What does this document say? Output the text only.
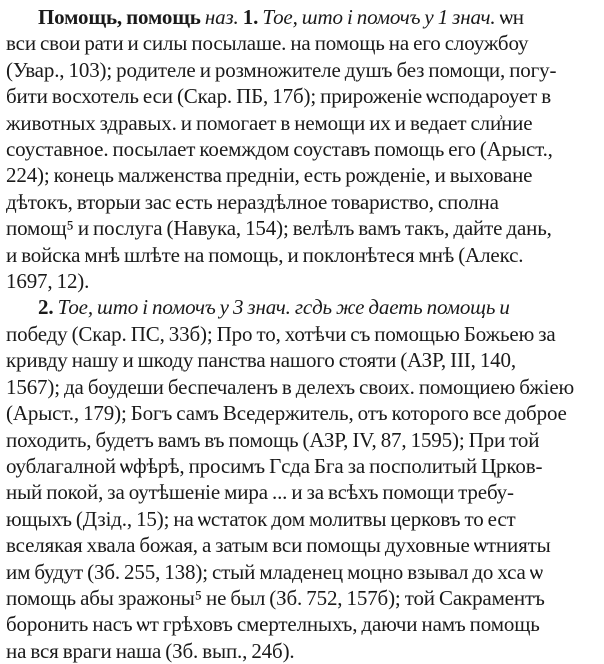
Помощь, помощь наз. 1. Тое, што і помочъ у 1 знач. ѡн
вси свои рати и силы посылаше. на помощь на его слоужбоу
(Увар., 103); родителе и розмножителе душъ без помощи, погу-
бити восхотель еси (Скар. ПБ, 17б); прироженіе ѡсподароует в
животных здравых. и помогает в немощи их и ведает сли͗ние
соуставное. посылает коемждом соуставъ помощь его (Арыст.,
224); конець малженства предніи, есть рожденіе, и выховане
дѣтокъ, вторыи зас есть нераздѣлное товариство, сполна
помощ⁵ и послуга (Навука, 154); велѣлъ вамъ такъ, дайте дань,
и войска мнѣ шлѣте на помощь, и поклонѣтеся мнѣ (Алекс.
1697, 12).
2. Тое, што і помочъ у 3 знач. гсдь же даеть помощь и
победу (Скар. ПС, 33б); Про то, хотѣчи съ помощью Божьею за
кривду нашу и шкоду панства нашого стояти (АЗР, III, 140,
1567); да боудеши беспечаленъ в делехъ своих. помощиею бжіею
(Арыст., 179); Богъ самъ Вседержитель, отъ которого все доброе
походить, будетъ вамъ въ помощь (АЗР, IV, 87, 1595); При той
оублагалной ѡфѣрѣ, просимъ Гсда Бга за посполитый Црков-
ный покой, за оутѣшеніе мира ... и за всѣхъ помощи требу-
ющыхъ (Дзід., 15); на ѡстаток дом молитвы церковъ то ест
вселякая хвала божая, а затым вси помощы духовные ѡтнияты
им будут (Зб. 255, 138); стый младенец моцно взывал до хса ѡ
помощь абы зражоны⁵ не был (Зб. 752, 157б); той Сакраментъ
боронить насъ ѡт грѣховъ смертелныхъ, даючи намъ помощь
на вся враги наша (Зб. вып., 24б).
